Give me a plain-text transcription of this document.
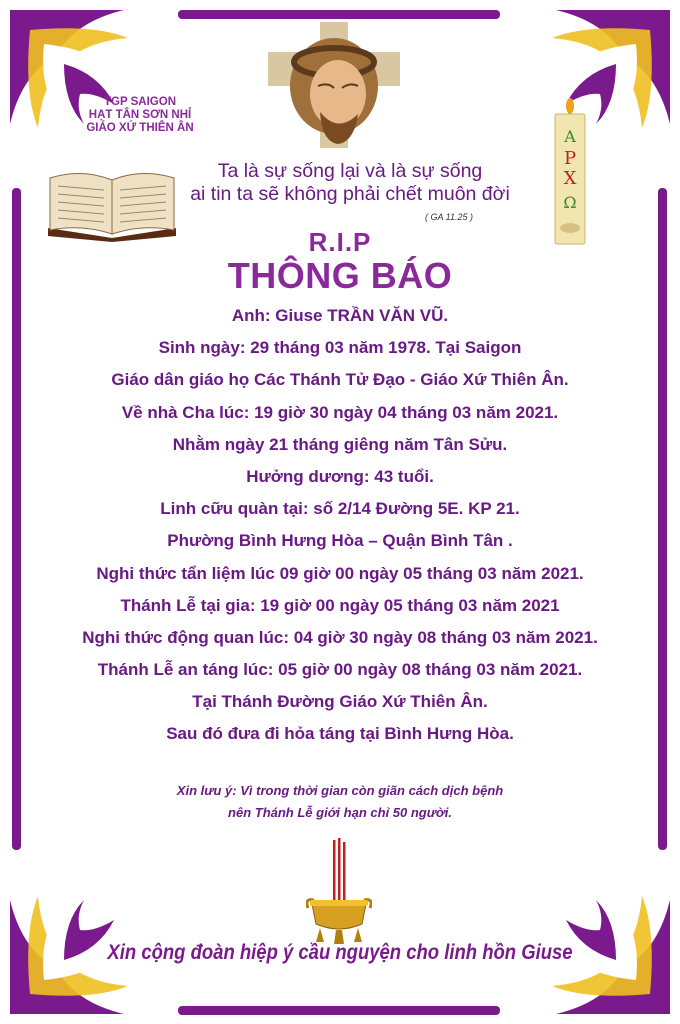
TGP SAIGON
HẠT TÂN SƠN NHỈ
GIÁO XỨ THIÊN ÂN	A
P
X
Ω
Ta là sự sống lại và là sự sống
ai tin ta sẽ không phải chết muôn đời
( GA 11.25 )
R.I.P
THÔNG BÁO
Anh: Giuse TRẦN VĂN VŨ.
Sinh ngày: 29 tháng 03 năm 1978. Tại Saigon
Giáo dân giáo họ Các Thánh Tử Đạo - Giáo Xứ Thiên Ân.
Về nhà Cha lúc: 19 giờ 30 ngày 04 tháng 03 năm 2021.
Nhằm ngày 21 tháng giêng năm Tân Sửu.
Hưởng dương: 43 tuổi.
Linh cữu quàn tại: số 2/14 Đường 5E. KP 21.
Phường Bình Hưng Hòa – Quận Bình Tân .
Nghi thức tẩn liệm lúc 09 giờ 00 ngày 05 tháng 03 năm 2021.
Thánh Lễ tại gia: 19 giờ 00 ngày 05 tháng 03 năm 2021
Nghi thức động quan lúc: 04 giờ 30 ngày 08 tháng 03 năm 2021.
Thánh Lễ an táng lúc: 05 giờ 00 ngày 08 tháng 03 năm 2021.
Tại Thánh Đường Giáo Xứ Thiên Ân.
Sau đó đưa đi hỏa táng tại Bình Hưng Hòa.
Xin lưu ý: Vì trong thời gian còn giãn cách dịch bệnh
nên Thánh Lễ giới hạn chỉ 50 người.
Xin cộng đoàn hiệp ý cầu nguyện cho linh hồn Giuse
